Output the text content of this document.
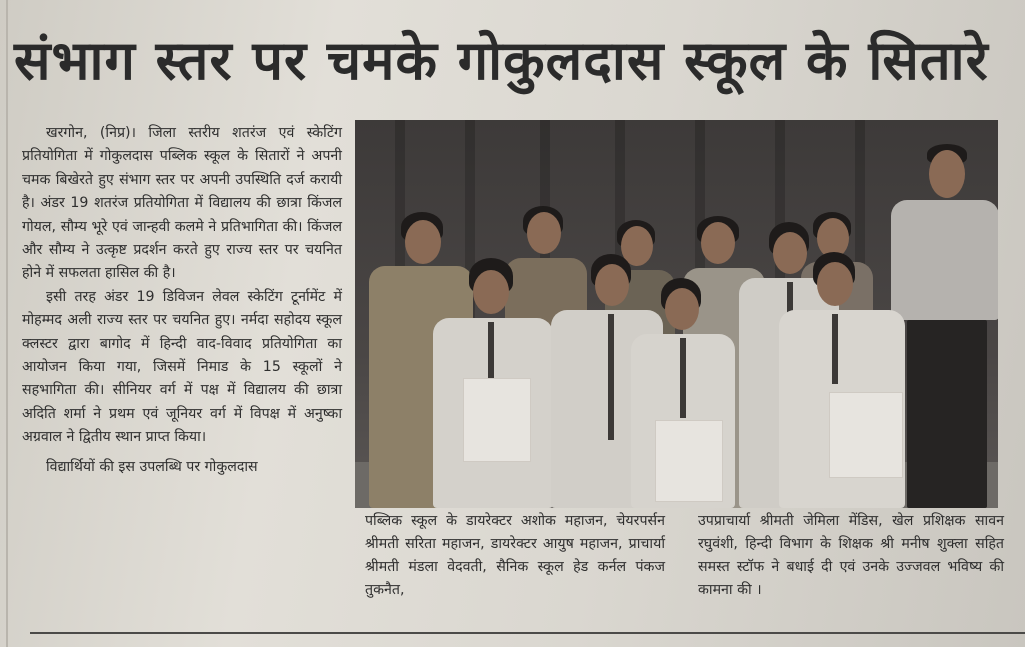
संभाग स्तर पर चमके गोकुलदास स्कूल के सितारे

खरगोन, (निप्र)। जिला स्तरीय शतरंज एवं स्केटिंग प्रतियोगिता में गोकुलदास पब्लिक स्कूल के सितारों ने अपनी चमक बिखेरते हुए संभाग स्तर पर अपनी उपस्थिति दर्ज करायी है। अंडर 19 शतरंज प्रतियोगिता में विद्यालय की छात्रा किंजल गोयल, सौम्य भूरे एवं जान्हवी कलमे ने प्रतिभागिता की। किंजल और सौम्य ने उत्कृष्ट प्रदर्शन करते हुए राज्य स्तर पर चयनित होने में सफलता हासिल की है।

इसी तरह अंडर 19 डिविजन लेवल स्केटिंग टूर्नामेंट में मोहम्मद अली राज्य स्तर पर चयनित हुए। नर्मदा सहोदय स्कूल क्लस्टर द्वारा बागोद में हिन्दी वाद-विवाद प्रतियोगिता का आयोजन किया गया, जिसमें निमाड के 15 स्कूलों ने सहभागिता की। सीनियर वर्ग में पक्ष में विद्यालय की छात्रा अदिति शर्मा ने प्रथम एवं जूनियर वर्ग में विपक्ष में अनुष्का अग्रवाल ने द्वितीय स्थान प्राप्त किया।

विद्यार्थियों की इस उपलब्धि पर गोकुलदास

पब्लिक स्कूल के डायरेक्टर अशोक महाजन, चेयरपर्सन श्रीमती सरिता महाजन, डायरेक्टर आयुष महाजन, प्राचार्या श्रीमती मंडला वेदवती, सैनिक स्कूल हेड कर्नल पंकज तुकनैत,

उपप्राचार्या श्रीमती जेमिला मेंडिस, खेल प्रशिक्षक सावन रघुवंशी, हिन्दी विभाग के शिक्षक श्री मनीष शुक्ला सहित समस्त स्टॉफ ने बधाई दी एवं उनके उज्जवल भविष्य की कामना की ।
